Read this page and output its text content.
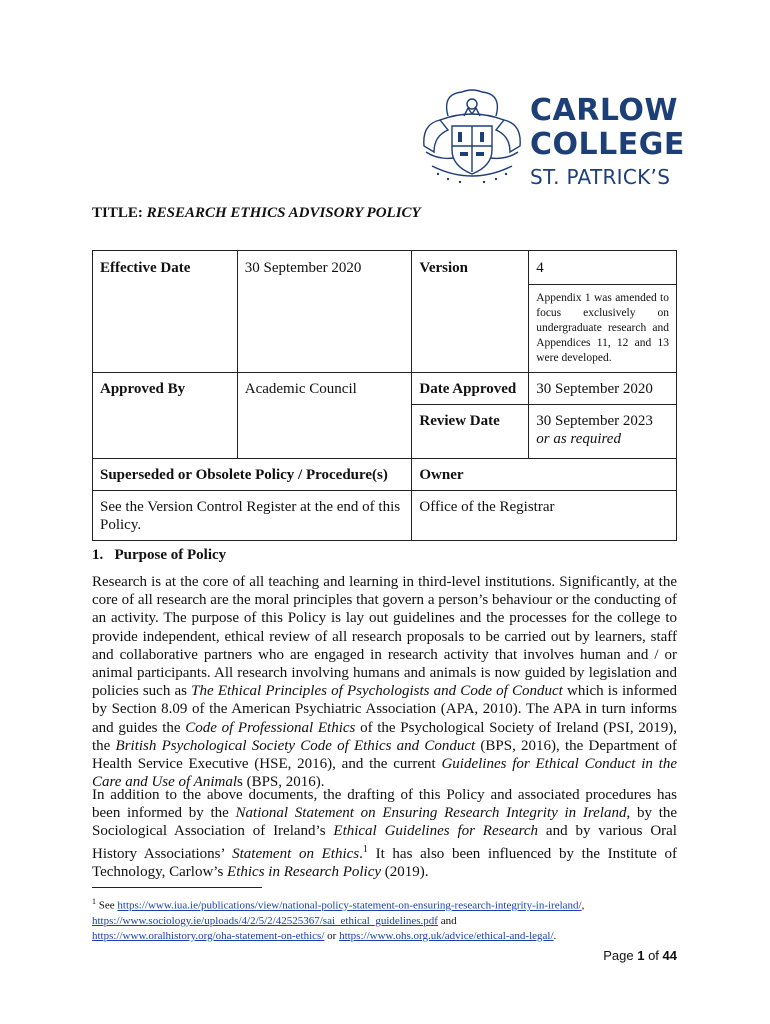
CARLOW
COLLEGE
ST. PATRICK’S
TITLE: RESEARCH ETHICS ADVISORY POLICY
Effective Date	30 September 2020	Version	4
			Appendix 1 was amended to focus exclusively on undergraduate research and Appendices 11, 12 and 13 were developed.
Approved By	Academic Council	Date Approved	30 September 2020
		Review Date	30 September 2023
or as required
Superseded or Obsolete Policy / Procedure(s)		Owner	
See the Version Control Register at the end of this Policy.		Office of the Registrar	
1. Purpose of Policy

Research is at the core of all teaching and learning in third-level institutions. Significantly, at the core of all research are the moral principles that govern a person’s behaviour or the conducting of an activity. The purpose of this Policy is lay out guidelines and the processes for the college to provide independent, ethical review of all research proposals to be carried out by learners, staff and collaborative partners who are engaged in research activity that involves human and / or animal participants. All research involving humans and animals is now guided by legislation and policies such as The Ethical Principles of Psychologists and Code of Conduct which is informed by Section 8.09 of the American Psychiatric Association (APA, 2010). The APA in turn informs and guides the Code of Professional Ethics of the Psychological Society of Ireland (PSI, 2019), the British Psychological Society Code of Ethics and Conduct (BPS, 2016), the Department of Health Service Executive (HSE, 2016), and the current Guidelines for Ethical Conduct in the Care and Use of Animals (BPS, 2016).

In addition to the above documents, the drafting of this Policy and associated procedures has been informed by the National Statement on Ensuring Research Integrity in Ireland, by the Sociological Association of Ireland’s Ethical Guidelines for Research and by various Oral History Associations’ Statement on Ethics.$^1$ It has also been influenced by the Institute of Technology, Carlow’s Ethics in Research Policy (2019).

$^1$ See https://www.iua.ie/publications/view/national-policy-statement-on-ensuring-research-integrity-in-ireland/,
https://www.sociology.ie/uploads/4/2/5/2/42525367/sai_ethical_guidelines.pdf and
https://www.oralhistory.org/oha-statement-on-ethics/ or https://www.ohs.org.uk/advice/ethical-and-legal/.
Page 1 of 44
